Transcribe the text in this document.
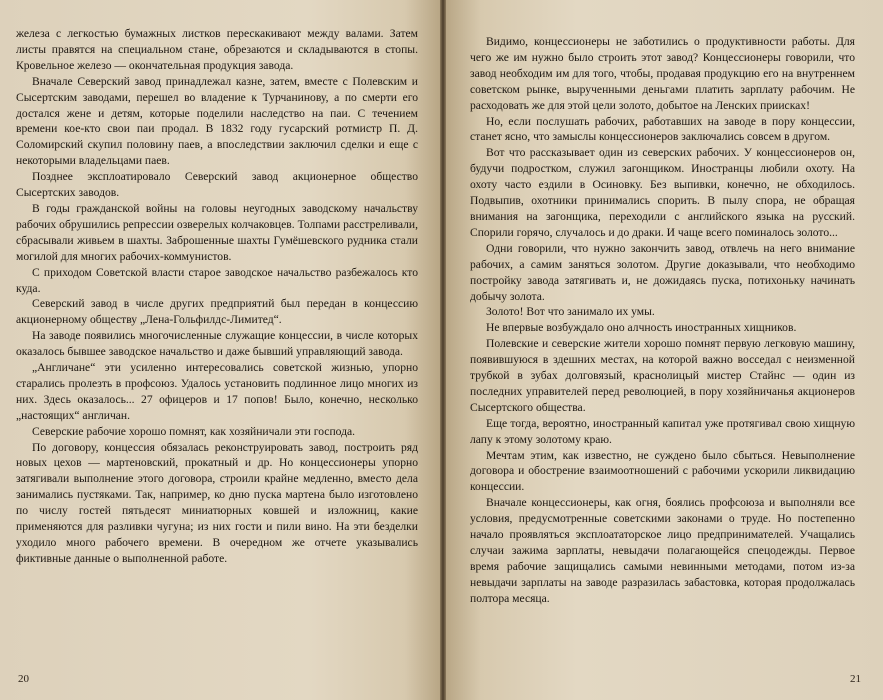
железа с легкостью бумажных листков перескакивают между валами. Затем листы правятся на специальном стане, обрезаются и складываются в стопы. Кровельное железо — окончательная продукция завода.

Вначале Северский завод принадлежал казне, затем, вместе с Полевским и Сысертским заводами, перешел во владение к Турчанинову, а по смерти его достался жене и детям, которые поделили наследство на паи. С течением времени кое-кто свои паи продал. В 1832 году гусарский ротмистр П. Д. Соломирский скупил половину паев, а впоследствии заключил сделки и еще с некоторыми владельцами паев.

Позднее эксплоатировало Северский завод акционерное общество Сысертских заводов.

В годы гражданской войны на головы неугодных заводскому начальству рабочих обрушились репрессии озверелых колчаковцев. Толпами расстреливали, сбрасывали живьем в шахты. Заброшенные шахты Гумёшевского рудника стали могилой для многих рабочих-коммунистов.

С приходом Советской власти старое заводское начальство разбежалось кто куда.

Северский завод в числе других предприятий был передан в концессию акционерному обществу „Лена-Гольфилдс-Лимитед“.

На заводе появились многочисленные служащие концессии, в числе которых оказалось бывшее заводское начальство и даже бывший управляющий завода.

„Англичане“ эти усиленно интересовались советской жизнью, упорно старались пролезть в профсоюз. Удалось установить подлинное лицо многих из них. Здесь оказалось... 27 офицеров и 17 попов! Было, конечно, несколько „настоящих“ англичан.

Северские рабочие хорошо помнят, как хозяйничали эти господа.

По договору, концессия обязалась реконструировать завод, построить ряд новых цехов — мартеновский, прокатный и др. Но концессионеры упорно затягивали выполнение этого договора, строили крайне медленно, вместо дела занимались пустяками. Так, например, ко дню пуска мартена было изготовлено по числу гостей пятьдесят миниатюрных ковшей и изложниц, какие применяются для разливки чугуна; из них гости и пили вино. На эти безделки уходило много рабочего времени. В очередном же отчете указывались фиктивные данные о выполненной работе.

20

Видимо, концессионеры не заботились о продуктивности работы. Для чего же им нужно было строить этот завод? Концессионеры говорили, что завод необходим им для того, чтобы, продавая продукцию его на внутреннем советском рынке, вырученными деньгами платить зарплату рабочим. Не расходовать же для этой цели золото, добытое на Ленских приисках!

Но, если послушать рабочих, работавших на заводе в пору концессии, станет ясно, что замыслы концессионеров заключались совсем в другом.

Вот что рассказывает один из северских рабочих. У концессионеров он, будучи подростком, служил загонщиком. Иностранцы любили охоту. На охоту часто ездили в Осиновку. Без выпивки, конечно, не обходилось. Подвыпив, охотники принимались спорить. В пылу спора, не обращая внимания на загонщика, переходили с английского языка на русский. Спорили горячо, случалось и до драки. И чаще всего поминалось золото...

Одни говорили, что нужно закончить завод, отвлечь на него внимание рабочих, а самим заняться золотом. Другие доказывали, что необходимо постройку завода затягивать и, не дожидаясь пуска, потихоньку начинать добычу золота.

Золото! Вот что занимало их умы.

Не впервые возбуждало оно алчность иностранных хищников.

Полевские и северские жители хорошо помнят первую легковую машину, появившуюся в здешних местах, на которой важно восседал с неизменной трубкой в зубах долговязый, краснолицый мистер Стайнс — один из последних управителей перед революцией, в пору хозяйничанья акционеров Сысертского общества.

Еще тогда, вероятно, иностранный капитал уже протягивал свою хищную лапу к этому золотому краю.

Мечтам этим, как известно, не суждено было сбыться. Невыполнение договора и обострение взаимоотношений с рабочими ускорили ликвидацию концессии.

Вначале концессионеры, как огня, боялись профсоюза и выполняли все условия, предусмотренные советскими законами о труде. Но постепенно начало проявляться эксплоататорское лицо предпринимателей. Учащались случаи зажима зарплаты, невыдачи полагающейся спецодежды. Первое время рабочие защищались самыми невинными методами, потом из-за невыдачи зарплаты на заводе разразилась забастовка, которая продолжалась полтора месяца.

21
